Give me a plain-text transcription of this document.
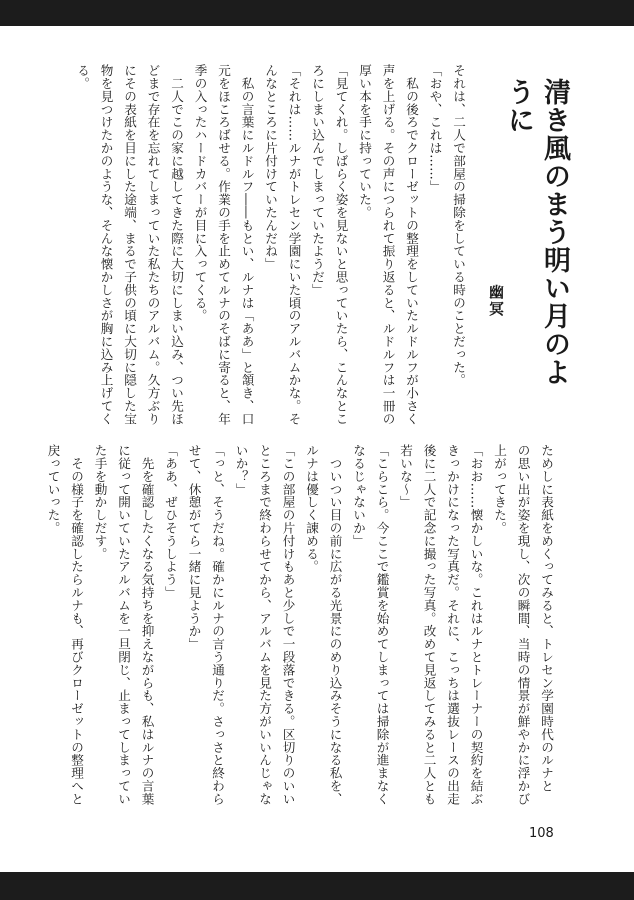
清き風のまう明い月のように
幽冥
それは、二人で部屋の掃除をしている時のことだった。
「おや、これは……」
　私の後ろでクローゼットの整理をしていたルドルフが小さく
声を上げる。その声につられて振り返ると、ルドルフは一冊の
厚い本を手に持っていた。
「見てくれ。しばらく姿を見ないと思っていたら、こんなとこ
ろにしまい込んでしまっていたようだ」
「それは……ルナがトレセン学園にいた頃のアルバムかな。そ
んなところに片付けていたんだね」
　私の言葉にルドルフ――もとい、ルナは「ああ」と頷き、口
元をほころばせる。作業の手を止めてルナのそばに寄ると、年
季の入ったハードカバーが目に入ってくる。
　二人でこの家に越してきた際に大切にしまい込み、つい先ほ
どまで存在を忘れてしまっていた私たちのアルバム。久方ぶり
にその表紙を目にした途端、まるで子供の頃に大切に隠した宝
物を見つけたかのような、そんな懐かしさが胸に込み上げてく
る。

ためしに表紙をめくってみると、トレセン学園時代のルナと
の思い出が姿を現し、次の瞬間、当時の情景が鮮やかに浮かび
上がってきた。
「おお……懐かしいな。これはルナとトレーナーの契約を結ぶ
きっかけになった写真だ。それに、こっちは選抜レースの出走
後に二人で記念に撮った写真。改めて見返してみると二人とも
若いな～」
「こらこら。今ここで鑑賞を始めてしまっては掃除が進まなく
なるじゃないか」
　ついつい目の前に広がる光景にのめり込みそうになる私を、
ルナは優しく諌める。
「この部屋の片付けもあと少しで一段落できる。区切りのいい
ところまで終わらせてから、アルバムを見た方がいいんじゃな
いか？」
「っと、そうだね。確かにルナの言う通りだ。さっさと終わら
せて、休憩がてら一緒に見ようか」
「ああ、ぜひそうしよう」
　先を確認したくなる気持ちを抑えながらも、私はルナの言葉
に従って開いていたアルバムを一旦閉じ、止まってしまってい
た手を動かしだす。
　その様子を確認したらルナも、再びクローゼットの整理へと
戻っていった。

108
